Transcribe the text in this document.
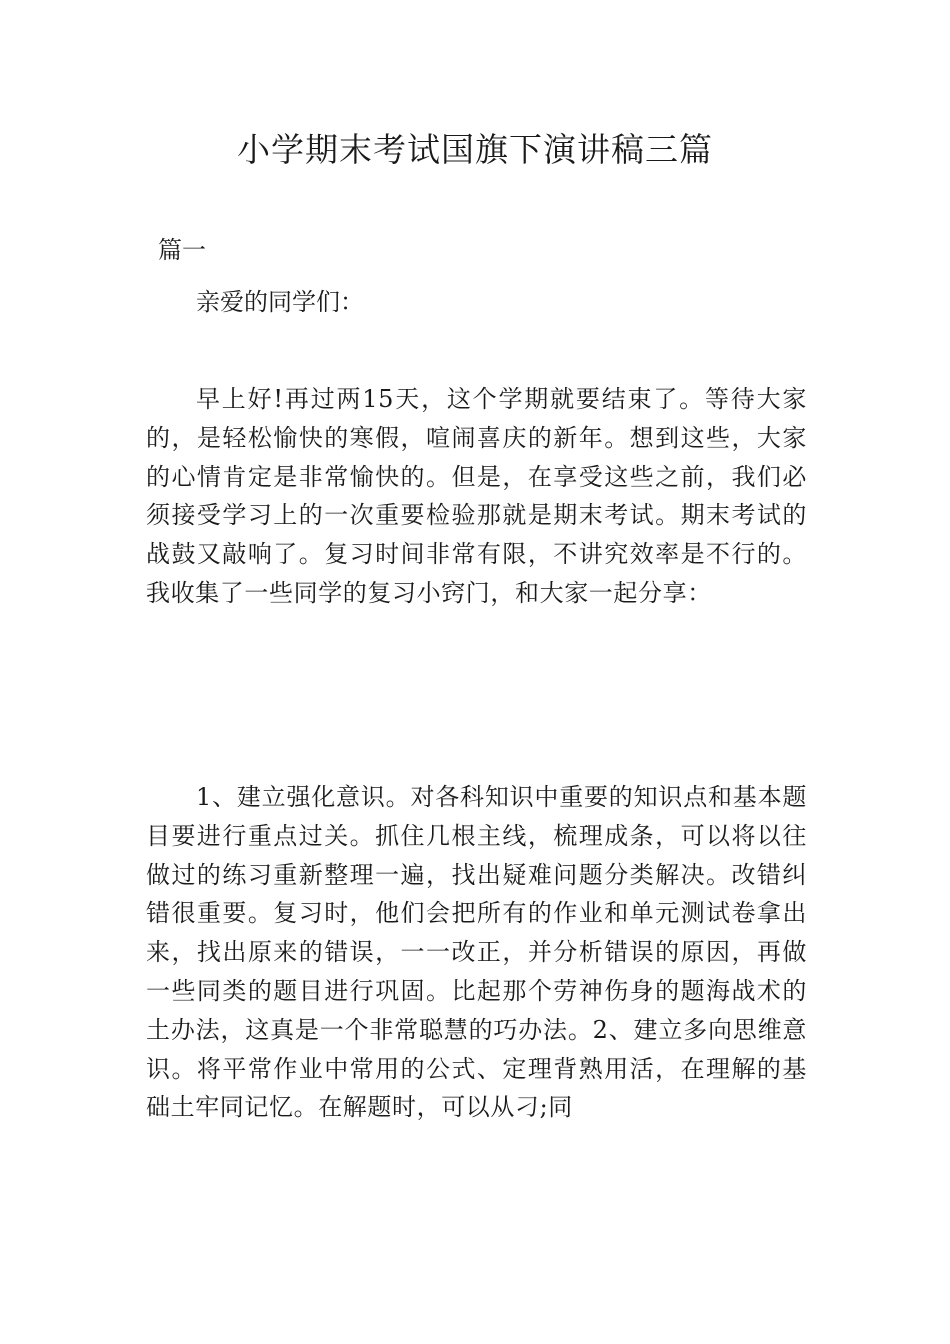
小学期末考试国旗下演讲稿三篇
篇一
亲爱的同学们：

早上好!再过两15天，这个学期就要结束了。等待大家的，是轻松愉快的寒假，喧闹喜庆的新年。想到这些，大家的心情肯定是非常愉快的。但是，在享受这些之前，我们必须接受学习上的一次重要检验那就是期末考试。期末考试的战鼓又敲响了。复习时间非常有限，不讲究效率是不行的。我收集了一些同学的复习小窍门，和大家一起分享：

1、建立强化意识。对各科知识中重要的知识点和基本题目要进行重点过关。抓住几根主线，梳理成条，可以将以往做过的练习重新整理一遍，找出疑难问题分类解决。改错纠错很重要。复习时，他们会把所有的作业和单元测试卷拿出来，找出原来的错误，一一改正，并分析错误的原因，再做一些同类的题目进行巩固。比起那个劳神伤身的题海战术的土办法，这真是一个非常聪慧的巧办法。2、建立多向思维意识。将平常作业中常用的公式、定理背熟用活，在理解的基础土牢同记忆。在解题时，可以从刁;同
